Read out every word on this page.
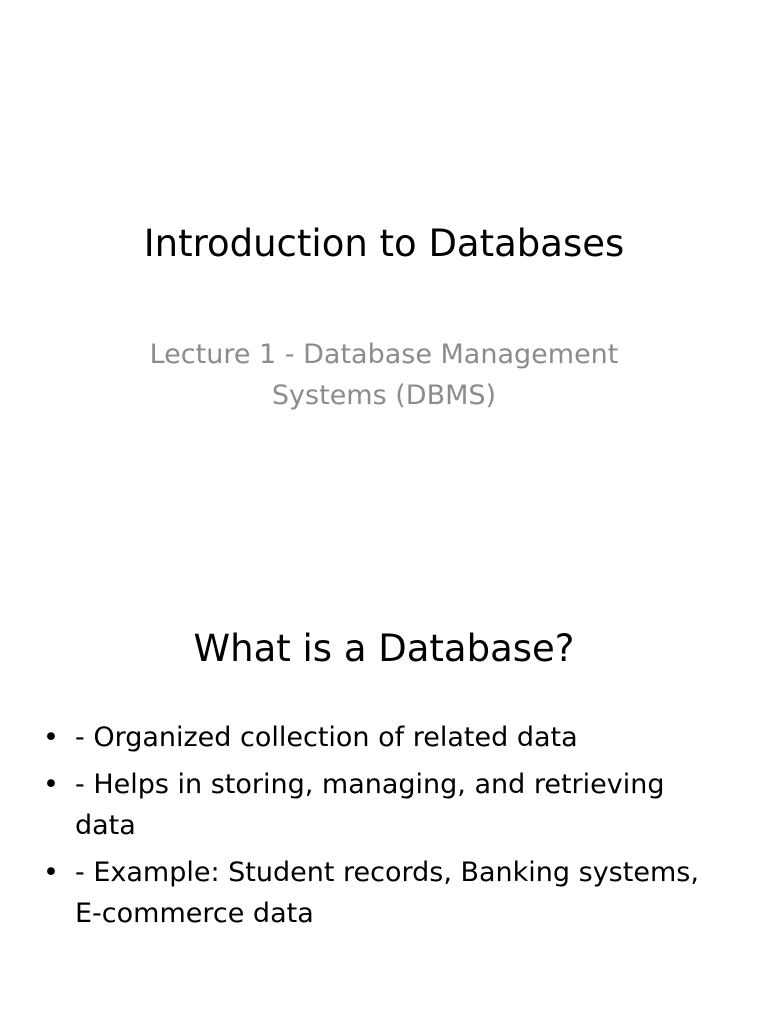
Introduction to Databases

Lecture 1 - Database Management Systems (DBMS)

What is a Database?
• - Organized collection of related data
• - Helps in storing, managing, and retrieving data
• - Example: Student records, Banking systems, E-commerce data
